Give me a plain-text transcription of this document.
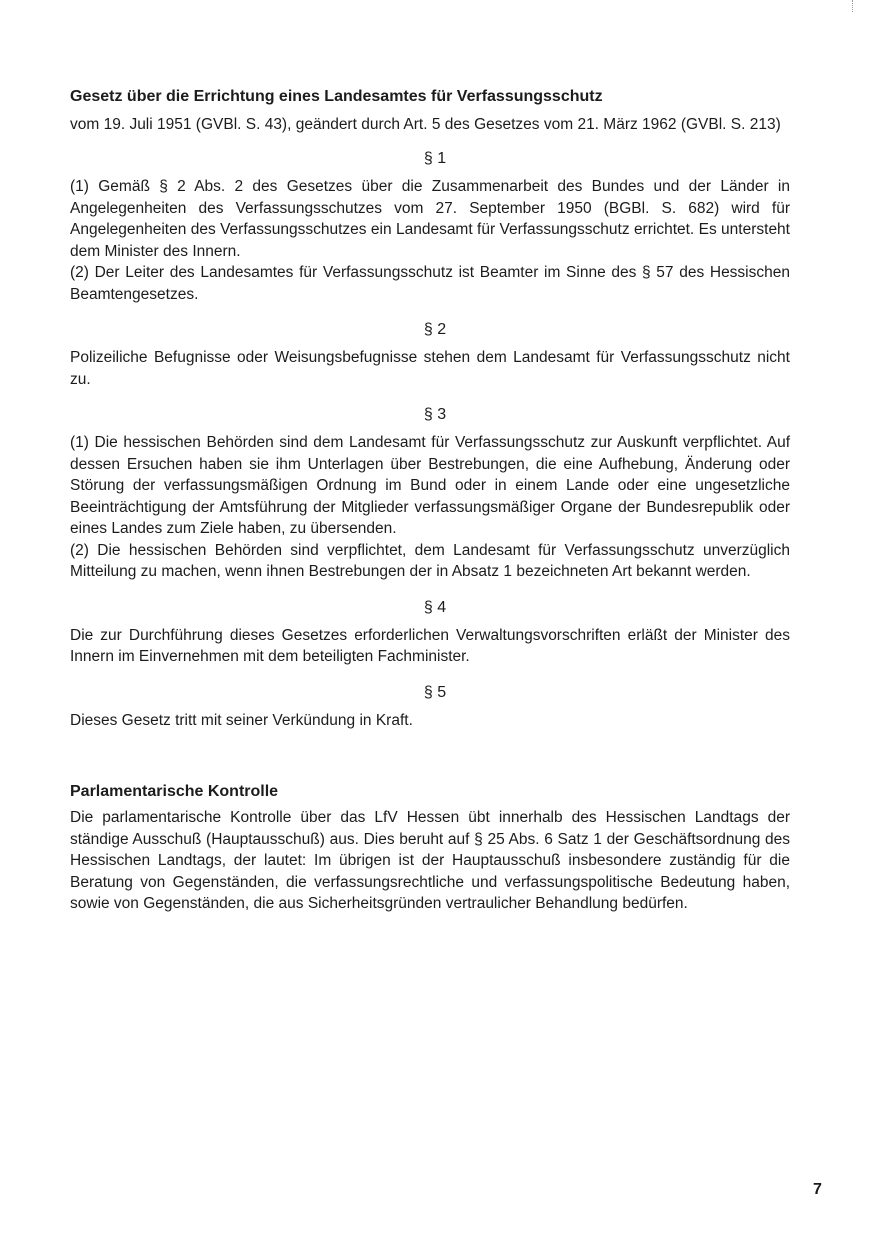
Gesetz über die Errichtung eines Landesamtes für Verfassungsschutz

vom 19. Juli 1951 (GVBl. S. 43), geändert durch Art. 5 des Gesetzes vom 21. März 1962 (GVBl. S. 213)

§ 1

(1) Gemäß § 2 Abs. 2 des Gesetzes über die Zusammenarbeit des Bundes und der Länder in Angelegenheiten des Verfassungsschutzes vom 27. September 1950 (BGBl. S. 682) wird für Angelegenheiten des Verfassungsschutzes ein Landesamt für Verfassungsschutz errichtet. Es untersteht dem Minister des Innern.

(2) Der Leiter des Landesamtes für Verfassungsschutz ist Beamter im Sinne des § 57 des Hessischen Beamtengesetzes.

§ 2

Polizeiliche Befugnisse oder Weisungsbefugnisse stehen dem Landesamt für Verfassungsschutz nicht zu.

§ 3

(1) Die hessischen Behörden sind dem Landesamt für Verfassungsschutz zur Auskunft verpflichtet. Auf dessen Ersuchen haben sie ihm Unterlagen über Bestrebungen, die eine Aufhebung, Änderung oder Störung der verfassungsmäßigen Ordnung im Bund oder in einem Lande oder eine ungesetzliche Beeinträchtigung der Amtsführung der Mitglieder verfassungsmäßiger Organe der Bundesrepublik oder eines Landes zum Ziele haben, zu übersenden.

(2) Die hessischen Behörden sind verpflichtet, dem Landesamt für Verfassungsschutz unverzüglich Mitteilung zu machen, wenn ihnen Bestrebungen der in Absatz 1 bezeichneten Art bekannt werden.

§ 4

Die zur Durchführung dieses Gesetzes erforderlichen Verwaltungsvorschriften erläßt der Minister des Innern im Einvernehmen mit dem beteiligten Fachminister.

§ 5

Dieses Gesetz tritt mit seiner Verkündung in Kraft.

Parlamentarische Kontrolle

Die parlamentarische Kontrolle über das LfV Hessen übt innerhalb des Hessischen Landtags der ständige Ausschuß (Hauptausschuß) aus. Dies beruht auf § 25 Abs. 6 Satz 1 der Geschäftsordnung des Hessischen Landtags, der lautet: Im übrigen ist der Hauptausschuß insbesondere zuständig für die Beratung von Gegenständen, die verfassungsrechtliche und verfassungspolitische Bedeutung haben, sowie von Gegenständen, die aus Sicherheitsgründen vertraulicher Behandlung bedürfen.

7
